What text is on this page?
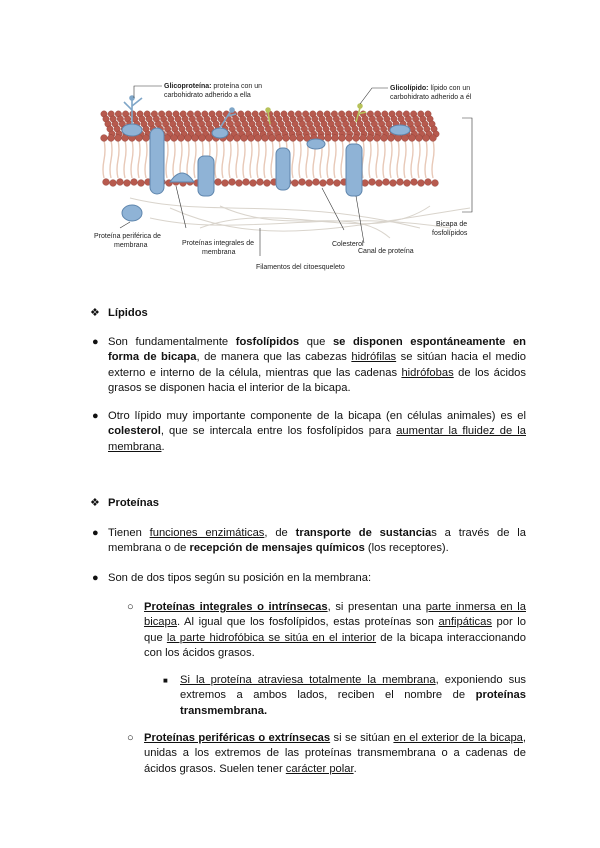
Glicoproteína: proteína con un
carbohidrato adherido a ella
Glicolípido: lípido con un
carbohidrato adherido a él
Proteína periférica de
membrana	Proteínas integrales de
membrana
Colesterol
Canal de proteína
Bicapa de
fosfolípidos
Filamentos del citoesqueleto
❖ Lípidos
● Son fundamentalmente fosfolípidos que se disponen espontáneamente en forma de bicapa, de manera que las cabezas hidrófilas se sitúan hacia el medio externo e interno de la célula, mientras que las cadenas hidrófobas de los ácidos grasos se disponen hacia el interior de la bicapa.
● Otro lípido muy importante componente de la bicapa (en células animales) es el colesterol, que se intercala entre los fosfolípidos para aumentar la fluidez de la membrana.
❖ Proteínas
● Tienen funciones enzimáticas, de transporte de sustancias a través de la membrana o de recepción de mensajes químicos (los receptores).
● Son de dos tipos según su posición en la membrana:
○ Proteínas integrales o intrínsecas, si presentan una parte inmersa en la bicapa. Al igual que los fosfolípidos, estas proteínas son anfipáticas por lo que la parte hidrofóbica se sitúa en el interior de la bicapa interaccionando con los ácidos grasos.
■ Si la proteína atraviesa totalmente la membrana, exponiendo sus extremos a ambos lados, reciben el nombre de proteínas transmembrana.
○ Proteínas periféricas o extrínsecas si se sitúan en el exterior de la bicapa, unidas a los extremos de las proteínas transmembrana o a cadenas de ácidos grasos. Suelen tener carácter polar.
